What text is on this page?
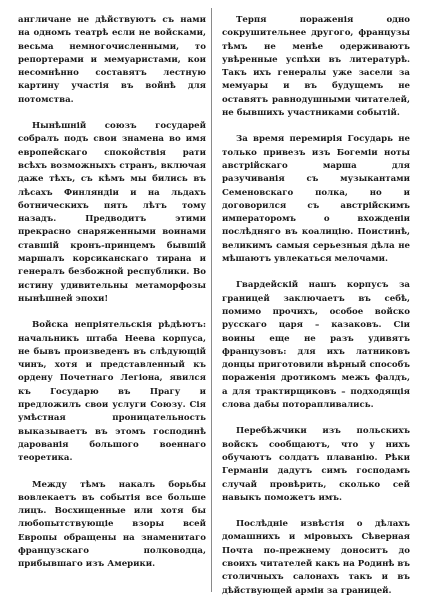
англичане не дѣйствуютъ съ нами на одномъ театрѣ если не войсками, весьма немногочисленными, то репортерами и мемуаристами, кои несомнѣнно составятъ лестную картину участія въ войнѣ для потомства.

Нынѣшній союзъ государей собралъ подъ свои знамена во имя европейскаго спокойствія рати всѣхъ возможныхъ странъ, включая даже тѣхъ, съ кѣмъ мы бились въ лѣсахъ Финляндіи и на льдахъ ботническихъ пять лѣтъ тому назадъ. Предводитъ этими прекрасно снаряженными воинами ставшій кронъ-принцемъ бывшій маршалъ корсиканскаго тирана и генералъ безбожной республики. Во истину удивительны метаморфозы нынѣшней эпохи!

Войска непріятельскія рѣдѣютъ: начальникъ штаба Неева корпуса, не бывъ произведенъ въ слѣдующій чинъ, хотя и представленный къ ордену Почетнаго Легіона, явился къ Государю въ Прагу и предложилъ свои услуги Союзу. Сія умѣстная проницательность выказываетъ въ этомъ господинѣ дарованія большого военнаго теоретика.

Между тѣмъ накалъ борьбы вовлекаетъ въ событія все больше лицъ. Восхищенные или хотя бы любопытствующіе взоры всей Европы обращены на знаменитаго французскаго полководца, прибывшаго изъ Америки.

Терпя пораженія одно сокрушительнее другого, французы тѣмъ не менѣе одерживаютъ увѣренные успѣхи въ литературѣ. Такъ ихъ генералы уже засели за мемуары и въ будущемъ не оставятъ равнодушными читателей, не бывшихъ участниками событій.

За время перемирія Государь не только привезъ изъ Богеміи ноты австрійскаго марша для разучиванія съ музыкантами Семеновскаго полка, но и договорился съ австрійскимъ императоромъ о вхожденіи послѣдняго въ коалицію. Поистинѣ, великимъ самыя серьезныя дѣла не мѣшаютъ увлекаться мелочами.

Гвардейскій нашъ корпусъ за границей заключаетъ въ себѣ, помимо прочихъ, особое войско русскаго царя – казаковъ. Сіи воины еще не разъ удивятъ французовъ: для ихъ латниковъ донцы приготовили вѣрный способъ пораженія дротикомъ межъ фалдъ, а для трактирщиковъ – подходящія слова дабы поторапливались.

Перебѣжчики изъ польскихъ войскъ сообщаютъ, что у нихъ обучаютъ солдатъ плаванію. Рѣки Германіи дадутъ симъ господамъ случай провѣрить, сколько сей навыкъ поможетъ имъ.

Послѣдніе извѣстія о дѣлахъ домашнихъ и міровыхъ Сѣверная Почта по-прежнему доноситъ до своихъ читателей какъ на Родинѣ въ столичныхъ салонахъ такъ и въ дѣйствующей арміи за границей.
